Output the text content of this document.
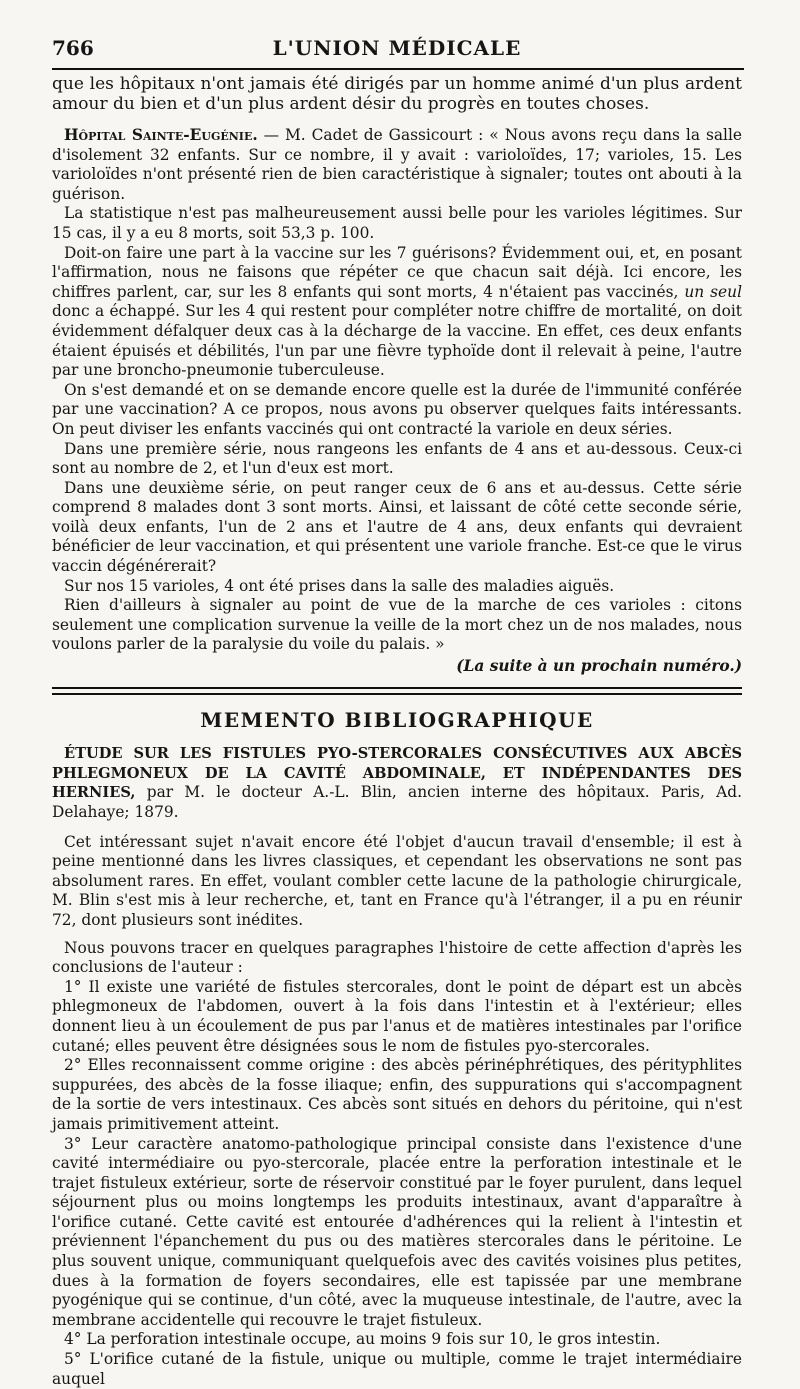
766	L'UNION MÉDICALE

que les hôpitaux n'ont jamais été dirigés par un homme animé d'un plus ardent amour du bien et d'un plus ardent désir du progrès en toutes choses.

Hôpital Sainte-Eugénie. — M. Cadet de Gassicourt : « Nous avons reçu dans la salle d'isolement 32 enfants. Sur ce nombre, il y avait : varioloïdes, 17; varioles, 15. Les varioloïdes n'ont présenté rien de bien caractéristique à signaler; toutes ont abouti à la guérison.

La statistique n'est pas malheureusement aussi belle pour les varioles légitimes. Sur 15 cas, il y a eu 8 morts, soit 53,3 p. 100.

Doit-on faire une part à la vaccine sur les 7 guérisons? Évidemment oui, et, en posant l'affirmation, nous ne faisons que répéter ce que chacun sait déjà. Ici encore, les chiffres parlent, car, sur les 8 enfants qui sont morts, 4 n'étaient pas vaccinés, un seul donc a échappé. Sur les 4 qui restent pour compléter notre chiffre de mortalité, on doit évidemment défalquer deux cas à la décharge de la vaccine. En effet, ces deux enfants étaient épuisés et débilités, l'un par une fièvre typhoïde dont il relevait à peine, l'autre par une broncho-pneumonie tuberculeuse.

On s'est demandé et on se demande encore quelle est la durée de l'immunité conférée par une vaccination? A ce propos, nous avons pu observer quelques faits intéressants. On peut diviser les enfants vaccinés qui ont contracté la variole en deux séries.

Dans une première série, nous rangeons les enfants de 4 ans et au-dessous. Ceux-ci sont au nombre de 2, et l'un d'eux est mort.

Dans une deuxième série, on peut ranger ceux de 6 ans et au-dessus. Cette série comprend 8 malades dont 3 sont morts. Ainsi, et laissant de côté cette seconde série, voilà deux enfants, l'un de 2 ans et l'autre de 4 ans, deux enfants qui devraient bénéficier de leur vaccination, et qui présentent une variole franche. Est-ce que le virus vaccin dégénérerait?

Sur nos 15 varioles, 4 ont été prises dans la salle des maladies aiguës.

Rien d'ailleurs à signaler au point de vue de la marche de ces varioles : citons seulement une complication survenue la veille de la mort chez un de nos malades, nous voulons parler de la paralysie du voile du palais. »

(La suite à un prochain numéro.)

MEMENTO BIBLIOGRAPHIQUE

ÉTUDE SUR LES FISTULES PYO-STERCORALES CONSÉCUTIVES AUX ABCÈS PHLEGMONEUX DE LA CAVITÉ ABDOMINALE, ET INDÉPENDANTES DES HERNIES, par M. le docteur A.-L. Blin, ancien interne des hôpitaux. Paris, Ad. Delahaye; 1879.

Cet intéressant sujet n'avait encore été l'objet d'aucun travail d'ensemble; il est à peine mentionné dans les livres classiques, et cependant les observations ne sont pas absolument rares. En effet, voulant combler cette lacune de la pathologie chirurgicale, M. Blin s'est mis à leur recherche, et, tant en France qu'à l'étranger, il a pu en réunir 72, dont plusieurs sont inédites.

Nous pouvons tracer en quelques paragraphes l'histoire de cette affection d'après les conclusions de l'auteur :

1° Il existe une variété de fistules stercorales, dont le point de départ est un abcès phlegmoneux de l'abdomen, ouvert à la fois dans l'intestin et à l'extérieur; elles donnent lieu à un écoulement de pus par l'anus et de matières intestinales par l'orifice cutané; elles peuvent être désignées sous le nom de fistules pyo-stercorales.

2° Elles reconnaissent comme origine : des abcès périnéphrétiques, des pérityphlites suppurées, des abcès de la fosse iliaque; enfin, des suppurations qui s'accompagnent de la sortie de vers intestinaux. Ces abcès sont situés en dehors du péritoine, qui n'est jamais primitivement atteint.

3° Leur caractère anatomo-pathologique principal consiste dans l'existence d'une cavité intermédiaire ou pyo-stercorale, placée entre la perforation intestinale et le trajet fistuleux extérieur, sorte de réservoir constitué par le foyer purulent, dans lequel séjournent plus ou moins longtemps les produits intestinaux, avant d'apparaître à l'orifice cutané. Cette cavité est entourée d'adhérences qui la relient à l'intestin et préviennent l'épanchement du pus ou des matières stercorales dans le péritoine. Le plus souvent unique, communiquant quelquefois avec des cavités voisines plus petites, dues à la formation de foyers secondaires, elle est tapissée par une membrane pyogénique qui se continue, d'un côté, avec la muqueuse intestinale, de l'autre, avec la membrane accidentelle qui recouvre le trajet fistuleux.

4° La perforation intestinale occupe, au moins 9 fois sur 10, le gros intestin.

5° L'orifice cutané de la fistule, unique ou multiple, comme le trajet intermédiaire auquel
